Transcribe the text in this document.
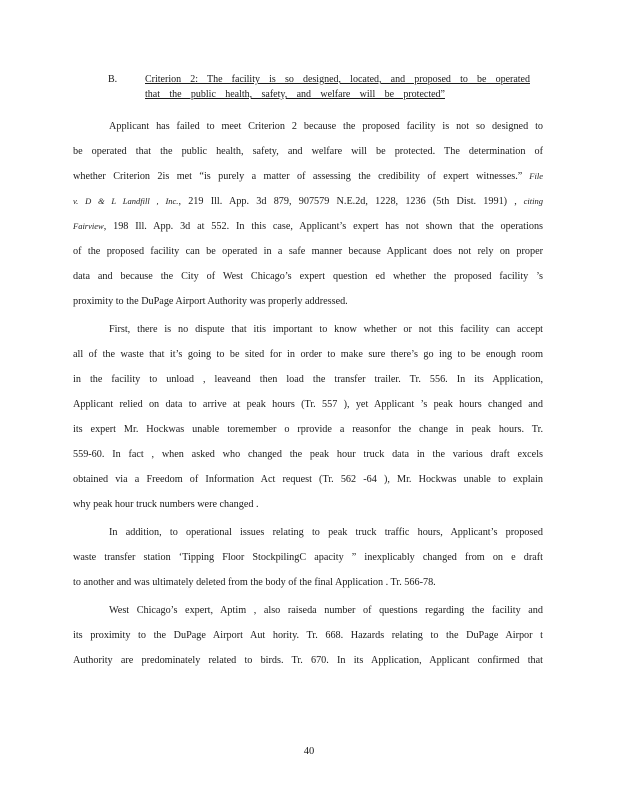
B.	Criterion 2: The facility is so designed, located, and proposed to be operated
that the public health, safety, and welfare will be protected”
Applicant has failed to meet Criterion 2 because the proposed facility is not so designed to
be operated that the public health, safety, and welfare will be protected. The determination of
whether Criterion 2is met “is purely a matter of assessing the credibility of expert witnesses.” File
v. D & L Landfill , Inc., 219 Ill. App. 3d 879, 907579 N.E.2d, 1228, 1236 (5th Dist. 1991) , citing
Fairview, 198 Ill. App. 3d at 552. In this case, Applicant’s expert has not shown that the operations
of the proposed facility can be operated in a safe manner because Applicant does not rely on proper
data and because the City of West Chicago’s expert question ed whether the proposed facility ’s
proximity to the DuPage Airport Authority was properly addressed.
First, there is no dispute that itis important to know whether or not this facility can accept
all of the waste that it’s going to be sited for in order to make sure there’s go ing to be enough room
in the facility to unload , leaveand then load the transfer trailer. Tr. 556. In its Application,
Applicant relied on data to arrive at peak hours (Tr. 557 ), yet Applicant ’s peak hours changed and
its expert Mr. Hockwas unable toremember o rprovide a reasonfor the change in peak hours. Tr.
559-60. In fact , when asked who changed the peak hour truck data in the various draft excels
obtained via a Freedom of Information Act request (Tr. 562 -64 ), Mr. Hockwas unable to explain
why peak hour truck numbers were changed .
In addition, to operational issues relating to peak truck traffic hours, Applicant’s proposed
waste transfer station ‘Tipping Floor StockpilingC apacity ” inexplicably changed from on e draft
to another and was ultimately deleted from the body of the final Application . Tr. 566-78.
West Chicago’s expert, Aptim , also raiseda number of questions regarding the facility and
its proximity to the DuPage Airport Aut hority. Tr. 668. Hazards relating to the DuPage Airpor t
Authority are predominately related to birds. Tr. 670. In its Application, Applicant confirmed that
40
